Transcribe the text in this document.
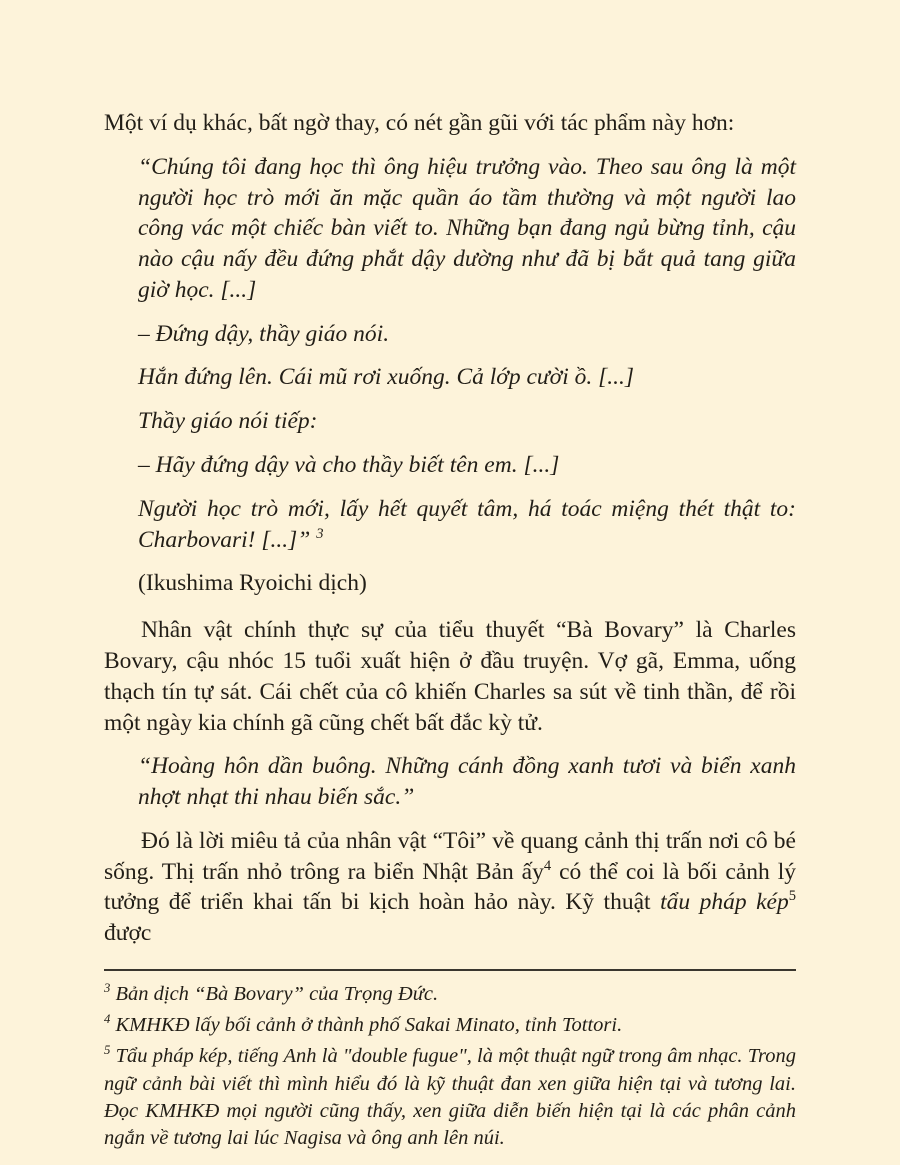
Một ví dụ khác, bất ngờ thay, có nét gần gũi với tác phẩm này hơn:

“Chúng tôi đang học thì ông hiệu trưởng vào. Theo sau ông là một người học trò mới ăn mặc quần áo tầm thường và một người lao công vác một chiếc bàn viết to. Những bạn đang ngủ bừng tỉnh, cậu nào cậu nấy đều đứng phắt dậy dường như đã bị bắt quả tang giữa giờ học. [...]

– Đứng dậy, thầy giáo nói.

Hắn đứng lên. Cái mũ rơi xuống. Cả lớp cười ồ. [...]

Thầy giáo nói tiếp:

– Hãy đứng dậy và cho thầy biết tên em. [...]

Người học trò mới, lấy hết quyết tâm, há toác miệng thét thật to: Charbovari! [...]” $^3$

(Ikushima Ryoichi dịch)

Nhân vật chính thực sự của tiểu thuyết “Bà Bovary” là Charles Bovary, cậu nhóc 15 tuổi xuất hiện ở đầu truyện. Vợ gã, Emma, uống thạch tín tự sát. Cái chết của cô khiến Charles sa sút về tinh thần, để rồi một ngày kia chính gã cũng chết bất đắc kỳ tử.

“Hoàng hôn dần buông. Những cánh đồng xanh tươi và biển xanh nhợt nhạt thi nhau biến sắc.”

Đó là lời miêu tả của nhân vật “Tôi” về quang cảnh thị trấn nơi cô bé sống. Thị trấn nhỏ trông ra biển Nhật Bản ấy$^4$ có thể coi là bối cảnh lý tưởng để triển khai tấn bi kịch hoàn hảo này. Kỹ thuật tẩu pháp kép$^5$ được

$^3$ Bản dịch “Bà Bovary” của Trọng Đức.

$^4$ KMHKĐ lấy bối cảnh ở thành phố Sakai Minato, tỉnh Tottori.

$^5$ Tẩu pháp kép, tiếng Anh là "double fugue", là một thuật ngữ trong âm nhạc. Trong ngữ cảnh bài viết thì mình hiểu đó là kỹ thuật đan xen giữa hiện tại và tương lai. Đọc KMHKĐ mọi người cũng thấy, xen giữa diễn biến hiện tại là các phân cảnh ngắn về tương lai lúc Nagisa và ông anh lên núi.
